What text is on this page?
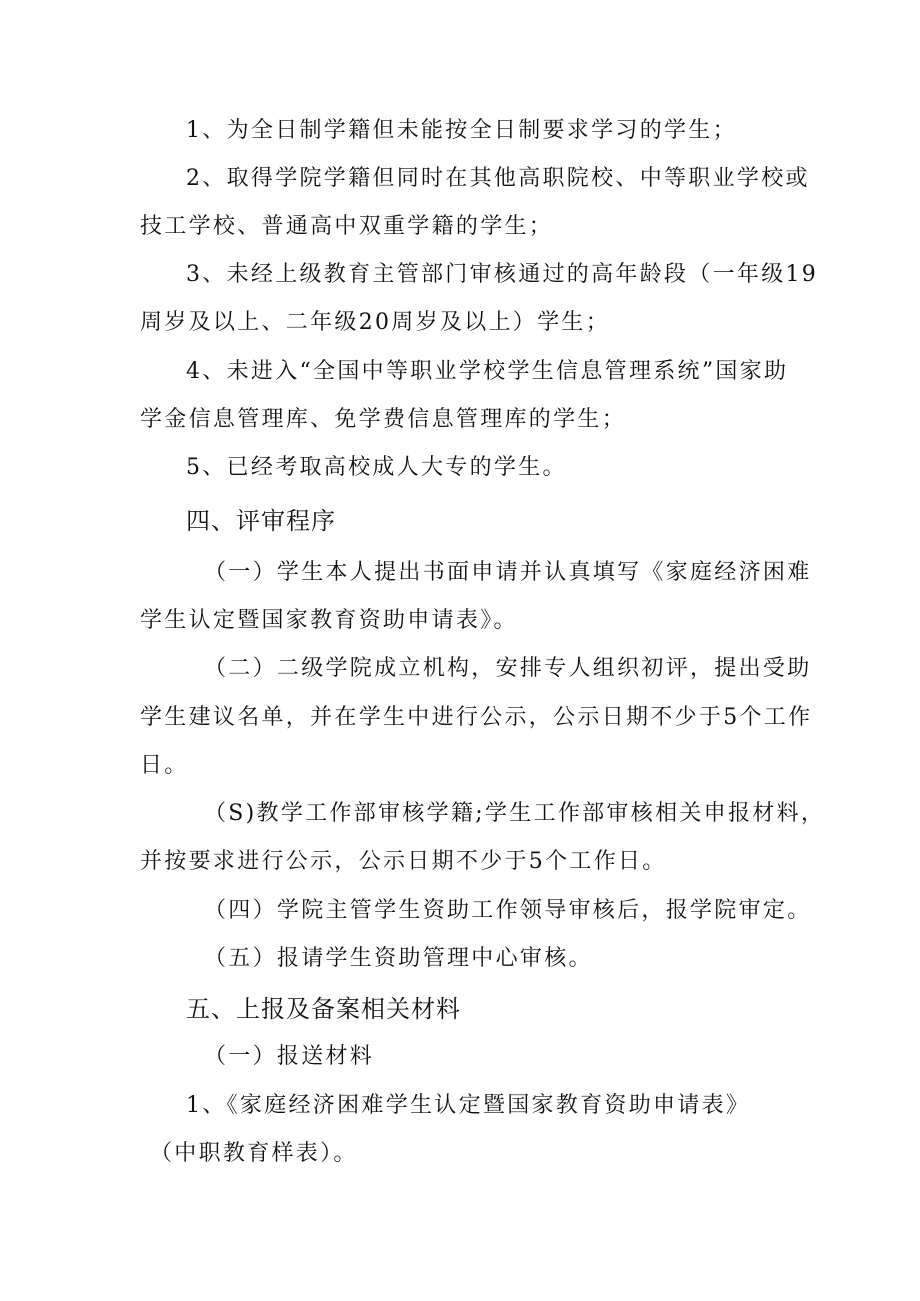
1、为全日制学籍但未能按全日制要求学习的学生；

2、取得学院学籍但同时在其他高职院校、中等职业学校或

技工学校、普通高中双重学籍的学生；

3、未经上级教育主管部门审核通过的高年龄段（一年级19

周岁及以上、二年级20周岁及以上）学生；

4、未进入“全国中等职业学校学生信息管理系统”国家助

学金信息管理库、免学费信息管理库的学生；

5、已经考取高校成人大专的学生。

四、评审程序

（一）学生本人提出书面申请并认真填写《家庭经济困难

学生认定暨国家教育资助申请表》。

（二）二级学院成立机构，安排专人组织初评，提出受助

学生建议名单，并在学生中进行公示，公示日期不少于5个工作

日。

（S)教学工作部审核学籍;学生工作部审核相关申报材料，

并按要求进行公示，公示日期不少于5个工作日。

（四）学院主管学生资助工作领导审核后，报学院审定。

（五）报请学生资助管理中心审核。

五、上报及备案相关材料

（一）报送材料

1、《家庭经济困难学生认定暨国家教育资助申请表》

（中职教育样表）。
